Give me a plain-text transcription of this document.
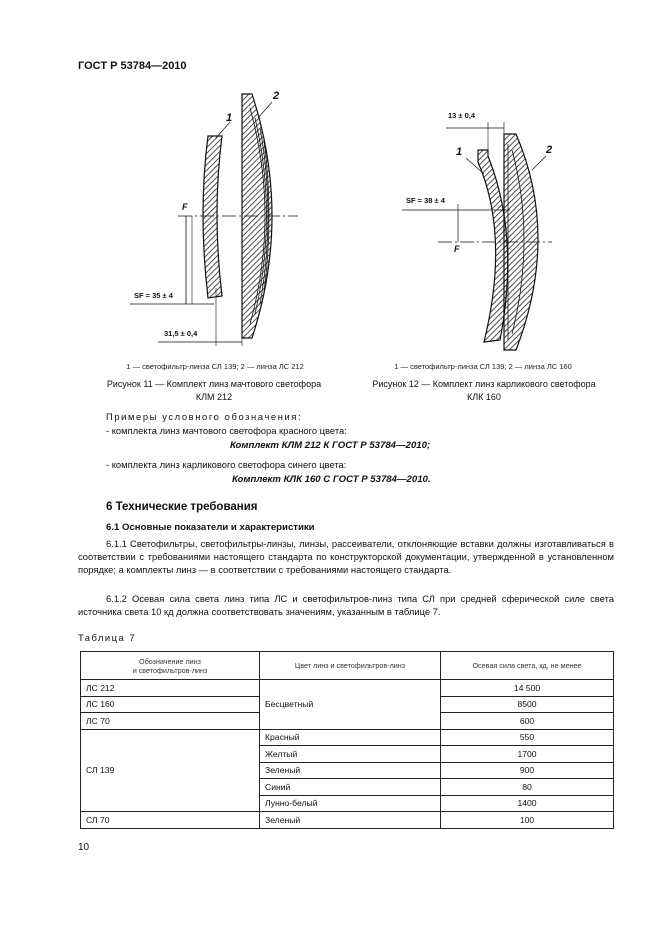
ГОСТ Р 53784—2010
1
2
F
SF = 35 ± 4
31,5 ± 0,4
13 ± 0,4
1	2
SF = 38 ± 4
F
1 — светофильтр-линза СЛ 139; 2 — линза ЛС 212	1 — светофильтр-линза СЛ 139; 2 — линза ЛС 160
Рисунок 11 — Комплект линз мачтового светофора
КЛМ 212
Рисунок 12 — Комплект линз карликового светофора
КЛК 160
Примеры условного обозначения:
- комплекта линз мачтового светофора красного цвета:
Комплект КЛМ 212 К ГОСТ Р 53784—2010;
- комплекта линз карликового светофора синего цвета:
Комплект КЛК 160 С ГОСТ Р 53784—2010.
6 Технические требования
6.1 Основные показатели и характеристики
6.1.1 Светофильтры, светофильтры-линзы, линзы, рассеиватели, отклоняющие вставки должны изготавливаться в соответствии с требованиями настоящего стандарта по конструкторской документации, утвержденной в установленном порядке; а комплекты линз — в соответствии с требованиями настоящего стандарта.
6.1.2 Осевая сила света линз типа ЛС и светофильтров-линз типа СЛ при средней сферической силе света источника света 10 кд должна соответствовать значениям, указанным в таблице 7.
Таблица 7
Обозначение линз
и светофильтров-линз	Цвет линз и светофильтров-линз	Осевая сила света, кд, не менее
ЛС 212	Бесцветный	14 500
ЛС 160		8500
ЛС 70		600
СЛ 139	Красный	550
	Желтый	1700
	Зеленый	900
	Синий	80
	Лунно-белый	1400
СЛ 70	Зеленый	100
10
